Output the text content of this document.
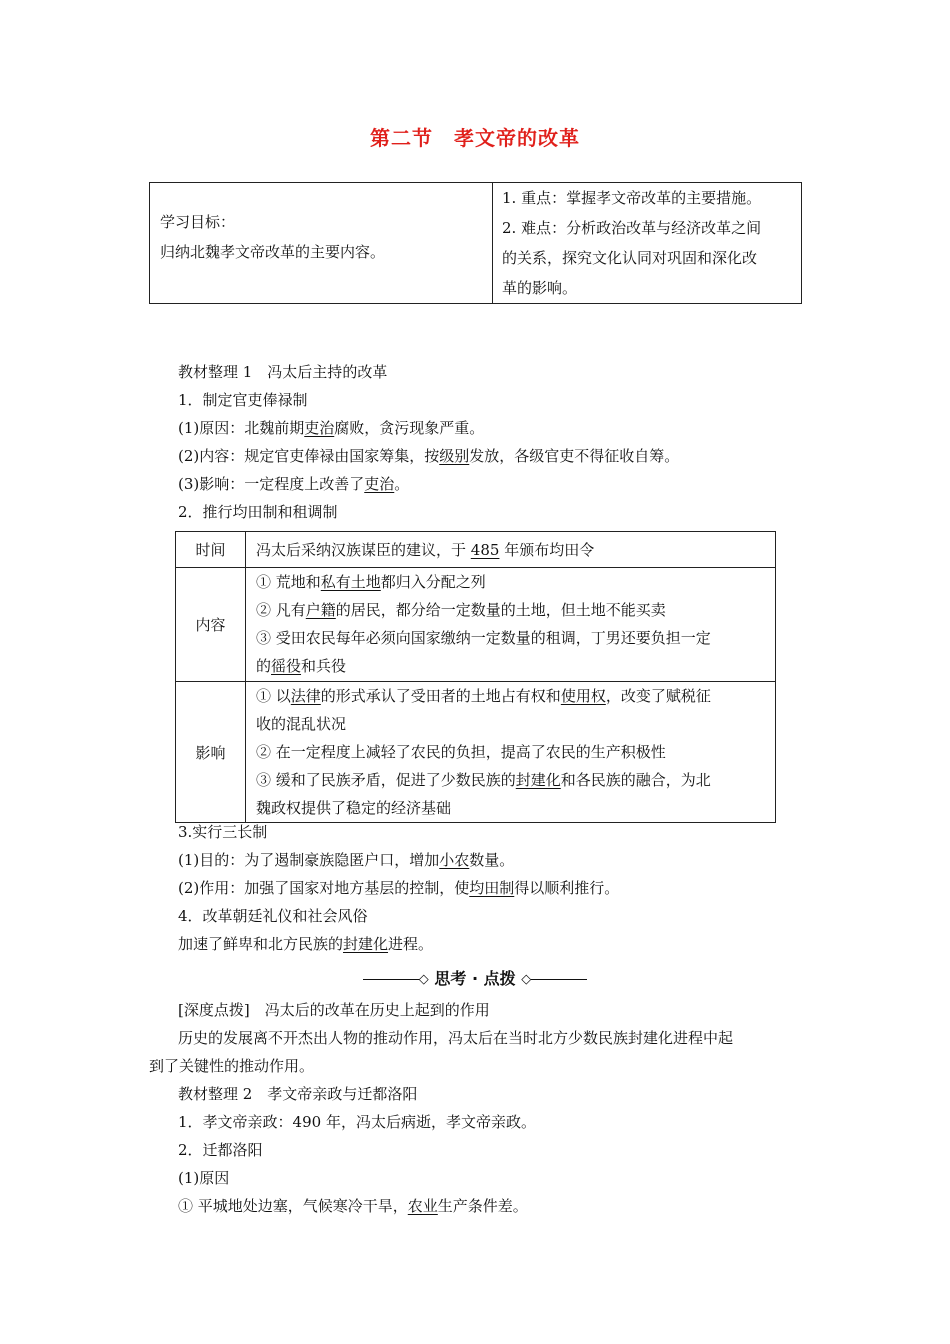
第二节　孝文帝的改革
学习目标：
归纳北魏孝文帝改革的主要内容。

1. 重点：掌握孝文帝改革的主要措施。
2. 难点：分析政治改革与经济改革之间
的关系，探究文化认同对巩固和深化改
革的影响。
教材整理 1　冯太后主持的改革
1．制定官吏俸禄制
(1)原因：北魏前期吏治腐败，贪污现象严重。
(2)内容：规定官吏俸禄由国家筹集，按级别发放，各级官吏不得征收自筹。
(3)影响：一定程度上改善了吏治。
2．推行均田制和租调制
时间	冯太后采纳汉族谋臣的建议，于 485 年颁布均田令
内容	① 荒地和私有土地都归入分配之列
② 凡有户籍的居民，都分给一定数量的土地，但土地不能买卖
③ 受田农民每年必须向国家缴纳一定数量的租调，丁男还要负担一定
的徭役和兵役

影响	① 以法律的形式承认了受田者的土地占有权和使用权，改变了赋税征
收的混乱状况
② 在一定程度上减轻了农民的负担，提高了农民的生产积极性
③ 缓和了民族矛盾，促进了少数民族的封建化和各民族的融合，为北
魏政权提供了稳定的经济基础
3.实行三长制
(1)目的：为了遏制豪族隐匿户口，增加小农数量。
(2)作用：加强了国家对地方基层的控制，使均田制得以顺利推行。
4．改革朝廷礼仪和社会风俗
加速了鲜卑和北方民族的封建化进程。
◇ 思考 · 点拨 ◇
[深度点拨]　冯太后的改革在历史上起到的作用
历史的发展离不开杰出人物的推动作用，冯太后在当时北方少数民族封建化进程中起
到了关键性的推动作用。
教材整理 2　孝文帝亲政与迁都洛阳
1．孝文帝亲政：490 年，冯太后病逝，孝文帝亲政。
2．迁都洛阳
(1)原因
① 平城地处边塞，气候寒冷干旱，农业生产条件差。
